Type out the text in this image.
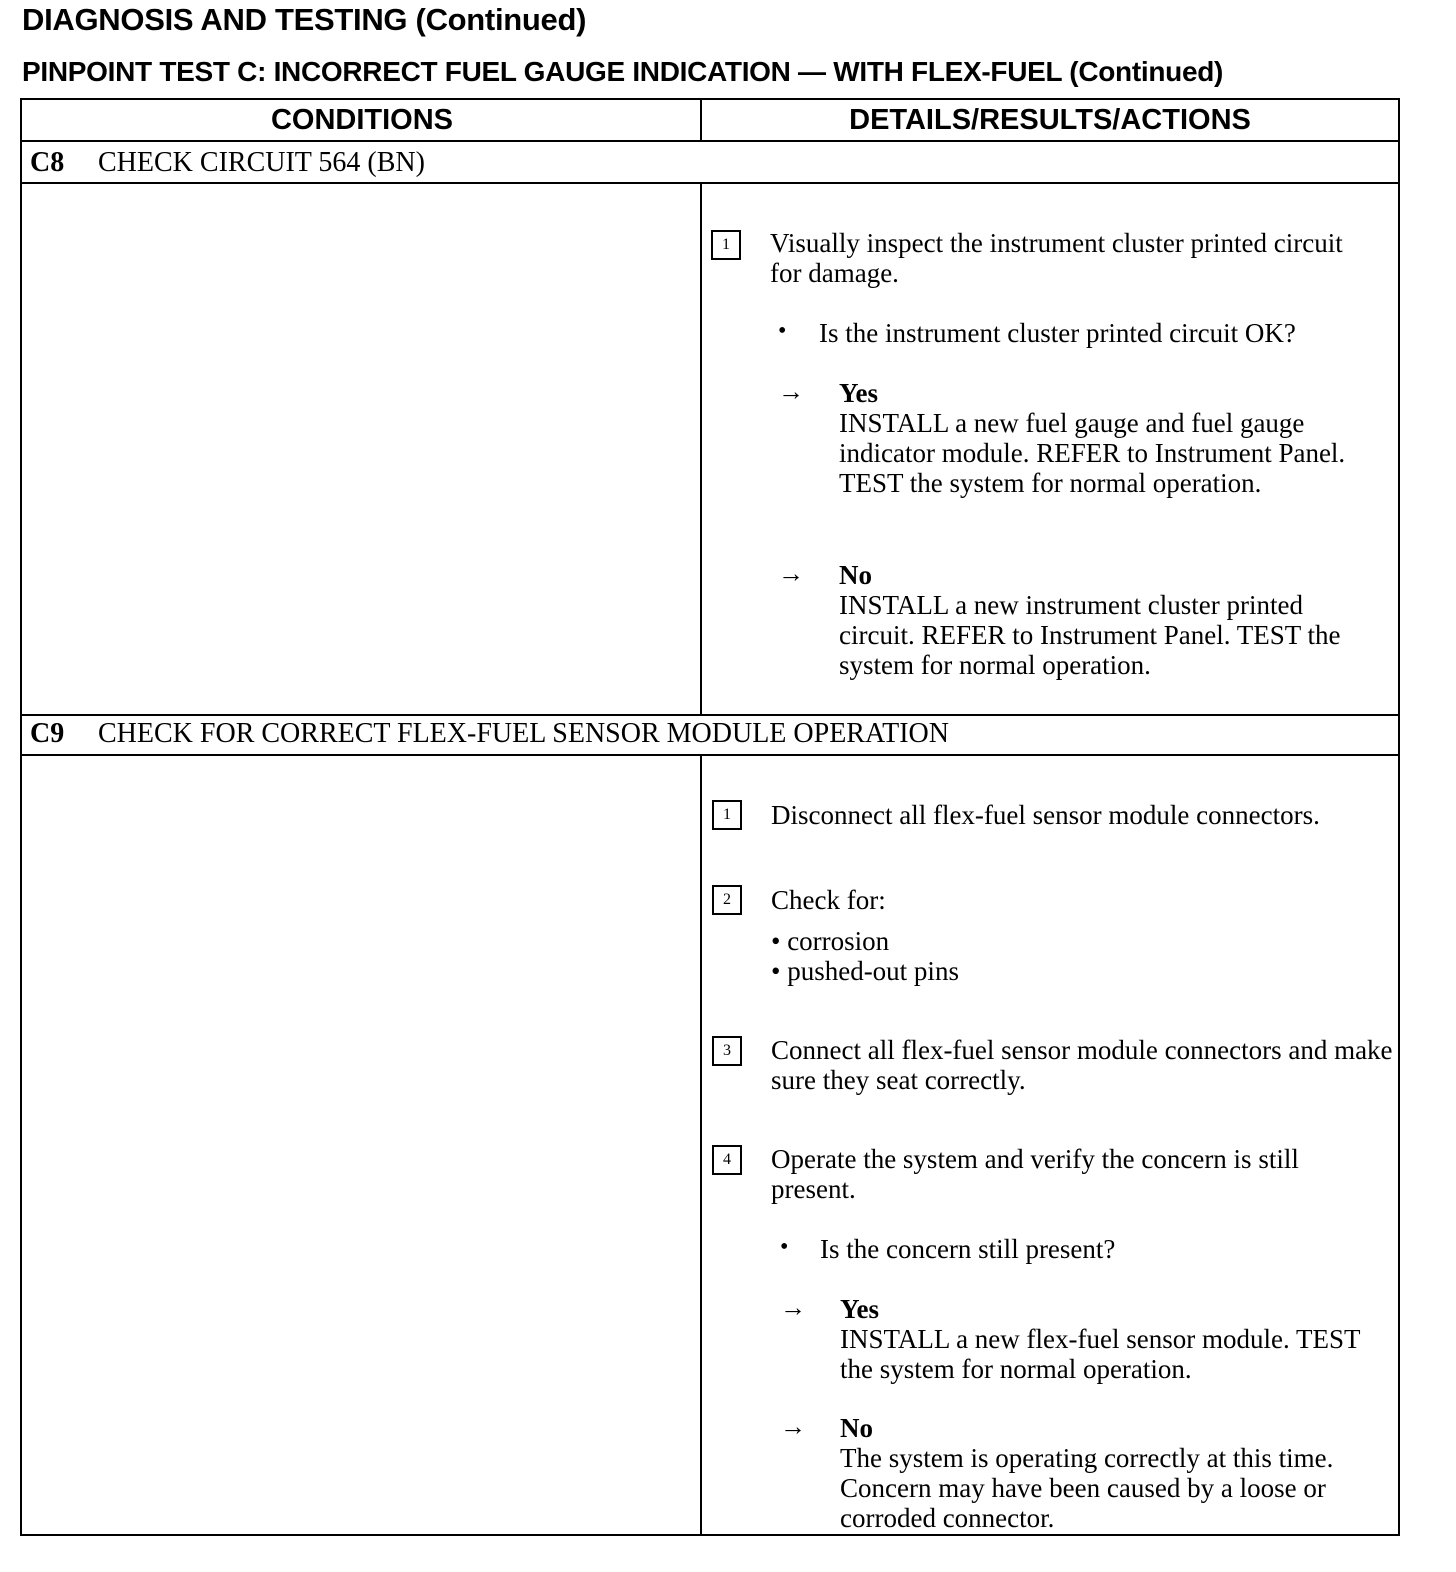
DIAGNOSIS AND TESTING (Continued)
PINPOINT TEST C: INCORRECT FUEL GAUGE INDICATION — WITH FLEX-FUEL (Continued)
CONDITIONS	DETAILS/RESULTS/ACTIONS
C8 CHECK CIRCUIT 564 (BN)
1	Visually inspect the instrument cluster printed circuit for damage.
• Is the instrument cluster printed circuit OK?
→ Yes
INSTALL a new fuel gauge and fuel gauge indicator module. REFER to Instrument Panel. TEST the system for normal operation.
→ No
INSTALL a new instrument cluster printed circuit. REFER to Instrument Panel. TEST the system for normal operation.
C9 CHECK FOR CORRECT FLEX-FUEL SENSOR MODULE OPERATION
1	Disconnect all flex-fuel sensor module connectors.
2	Check for:
• corrosion
• pushed-out pins
3	Connect all flex-fuel sensor module connectors and make sure they seat correctly.
4	Operate the system and verify the concern is still present.
• Is the concern still present?
→ Yes
INSTALL a new flex-fuel sensor module. TEST the system for normal operation.
→ No
The system is operating correctly at this time. Concern may have been caused by a loose or corroded connector.
